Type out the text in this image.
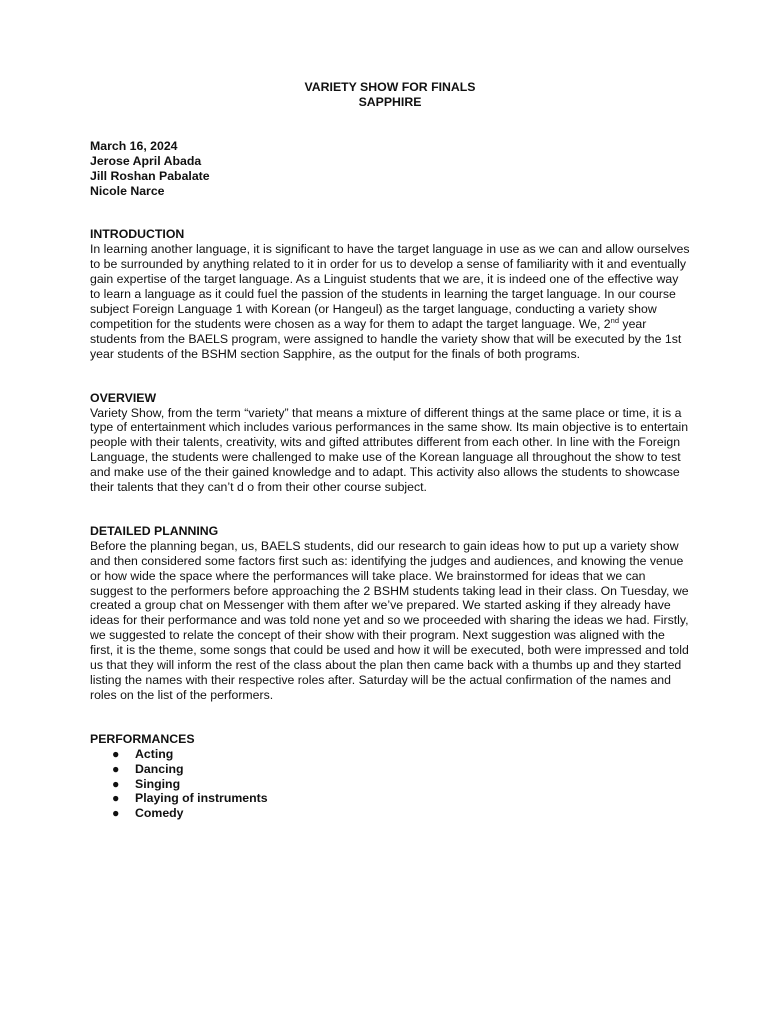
VARIETY SHOW FOR FINALS
SAPPHIRE
March 16, 2024
Jerose April Abada
Jill Roshan Pabalate
Nicole Narce
INTRODUCTION

In learning another language, it is significant to have the target language in use as we can and allow ourselves to be surrounded by anything related to it in order for us to develop a sense of familiarity with it and eventually gain expertise of the target language. As a Linguist students that we are, it is indeed one of the effective way to learn a language as it could fuel the passion of the students in learning the target language. In our course subject Foreign Language 1 with Korean (or Hangeul) as the target language, conducting a variety show competition for the students were chosen as a way for them to adapt the target language. We, 2nd year students from the BAELS program, were assigned to handle the variety show that will be executed by the 1st year students of the BSHM section Sapphire, as the output for the finals of both programs.

OVERVIEW

Variety Show, from the term “variety” that means a mixture of different things at the same place or time, it is a type of entertainment which includes various performances in the same show. Its main objective is to entertain people with their talents, creativity, wits and gifted attributes different from each other. In line with the Foreign Language, the students were challenged to make use of the Korean language all throughout the show to test and make use of the their gained knowledge and to adapt. This activity also allows the students to showcase their talents that they can’t d o from their other course subject.

DETAILED PLANNING

Before the planning began, us, BAELS students, did our research to gain ideas how to put up a variety show and then considered some factors first such as: identifying the judges and audiences, and knowing the venue or how wide the space where the performances will take place. We brainstormed for ideas that we can suggest to the performers before approaching the 2 BSHM students taking lead in their class. On Tuesday, we created a group chat on Messenger with them after we’ve prepared. We started asking if they already have ideas for their performance and was told none yet and so we proceeded with sharing the ideas we had. Firstly, we suggested to relate the concept of their show with their program. Next suggestion was aligned with the first, it is the theme, some songs that could be used and how it will be executed, both were impressed and told us that they will inform the rest of the class about the plan then came back with a thumbs up and they started listing the names with their respective roles after. Saturday will be the actual confirmation of the names and roles on the list of the performers.

PERFORMANCES
●	Acting
●	Dancing
●	Singing
●	Playing of instruments
●	Comedy
